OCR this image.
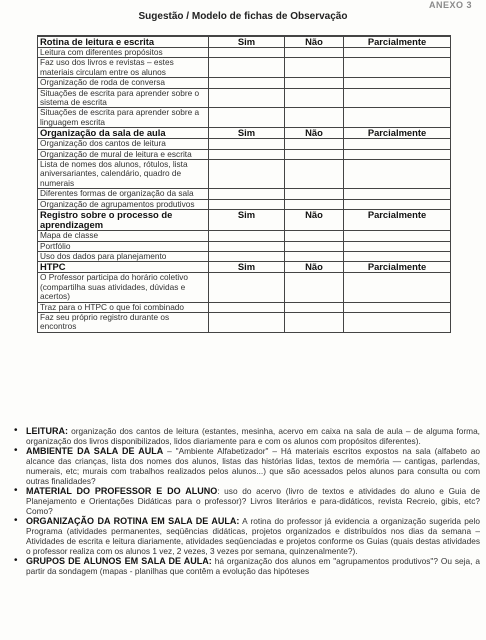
ANEXO 3
Sugestão / Modelo de fichas de Observação
Rotina de leitura e escrita	Sim	Não	Parcialmente
Leitura com diferentes propósitos			
Faz uso dos livros e revistas – estes materiais circulam entre os alunos			
Organização de roda de conversa			
Situações de escrita para aprender sobre o sistema de escrita			
Situações de escrita para aprender sobre a linguagem escrita			
Organização da sala de aula	Sim	Não	Parcialmente
Organização dos cantos de leitura			
Organização de mural de leitura e escrita			
Lista de nomes dos alunos, rótulos, lista aniversariantes, calendário, quadro de numerais			
Diferentes formas de organização da sala			
Organização de agrupamentos produtivos			
Registro sobre o processo de aprendizagem	Sim	Não	Parcialmente
Mapa de classe			
Portfólio			
Uso dos dados para planejamento			
HTPC	Sim	Não	Parcialmente
O Professor participa do horário coletivo (compartilha suas atividades, dúvidas e acertos)			
Traz para o HTPC o que foi combinado			
Faz seu próprio registro durante os encontros			
• LEITURA: organização dos cantos de leitura (estantes, mesinha, acervo em caixa na sala de aula – de alguma forma, organização dos livros disponibilizados, lidos diariamente para e com os alunos com propósitos diferentes).
• AMBIENTE DA SALA DE AULA – "Ambiente Alfabetizador" – Há materiais escritos expostos na sala (alfabeto ao alcance das crianças, lista dos nomes dos alunos, listas das histórias lidas, textos de memória — cantigas, parlendas, numerais, etc; murais com trabalhos realizados pelos alunos...) que são acessados pelos alunos para consulta ou com outras finalidades?
• MATERIAL DO PROFESSOR E DO ALUNO: uso do acervo (livro de textos e atividades do aluno e Guia de Planejamento e Orientações Didáticas para o professor)? Livros literários e para-didáticos, revista Recreio, gibis, etc? Como?
• ORGANIZAÇÃO DA ROTINA EM SALA DE AULA: A rotina do professor já evidencia a organização sugerida pelo Programa (atividades permanentes, seqüências didáticas, projetos organizados e distribuídos nos dias da semana – Atividades de escrita e leitura diariamente, atividades seqüenciadas e projetos conforme os Guias (quais destas atividades o professor realiza com os alunos 1 vez, 2 vezes, 3 vezes por semana, quinzenalmente?).
• GRUPOS DE ALUNOS EM SALA DE AULA: há organização dos alunos em "agrupamentos produtivos"? Ou seja, a partir da sondagem (mapas - planilhas que contêm a evolução das hipóteses
